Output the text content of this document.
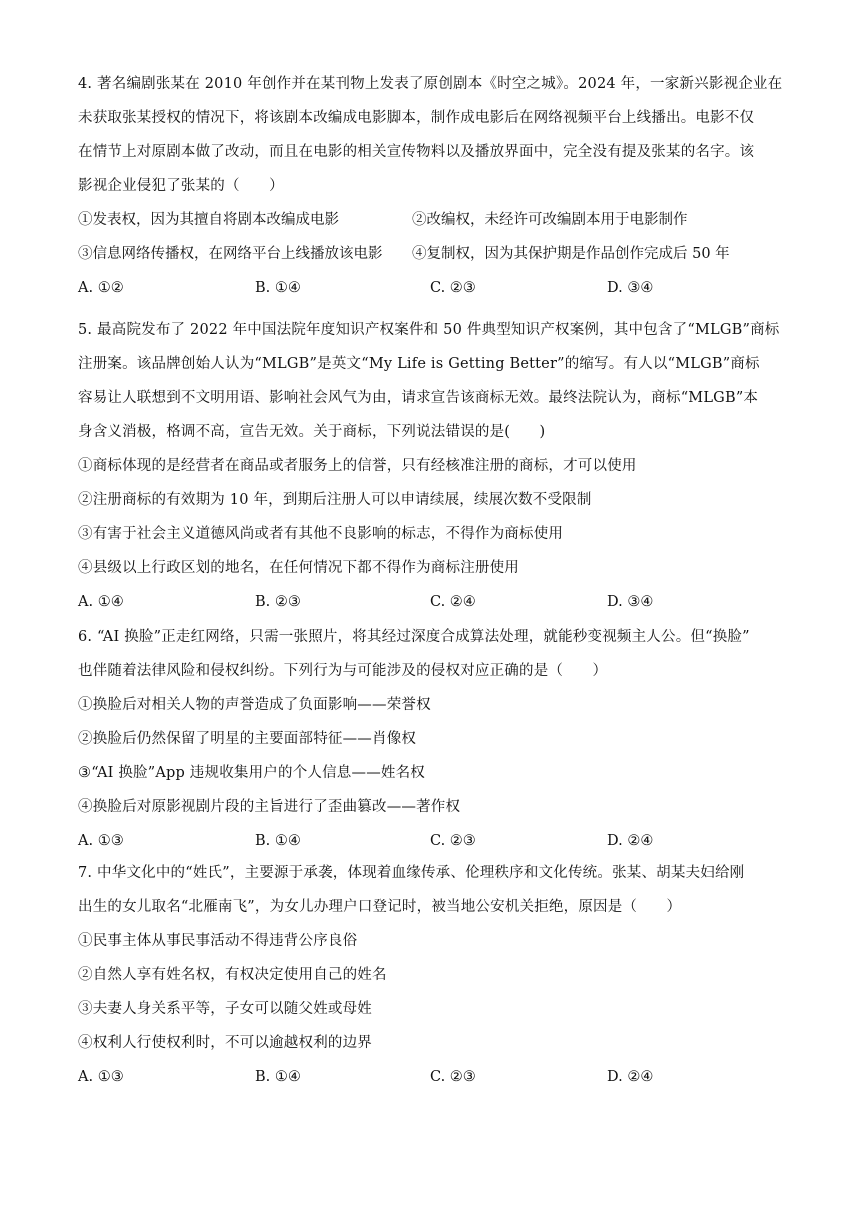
4. 著名编剧张某在 2010 年创作并在某刊物上发表了原创剧本《时空之城》。2024 年，一家新兴影视企业在
未获取张某授权的情况下，将该剧本改编成电影脚本，制作成电影后在网络视频平台上线播出。电影不仅
在情节上对原剧本做了改动，而且在电影的相关宣传物料以及播放界面中，完全没有提及张某的名字。该
影视企业侵犯了张某的（　　）
①发表权，因为其擅自将剧本改编成电影	②改编权，未经许可改编剧本用于电影制作
③信息网络传播权，在网络平台上线播放该电影 ④复制权，因为其保护期是作品创作完成后 50 年
A. ①②	B. ①④	C. ②③	D. ③④
5. 最高院发布了 2022 年中国法院年度知识产权案件和 50 件典型知识产权案例，其中包含了“MLGB”商标
注册案。该品牌创始人认为“MLGB”是英文“My Life is Getting Better”的缩写。有人以“MLGB”商标
容易让人联想到不文明用语、影响社会风气为由，请求宣告该商标无效。最终法院认为，商标“MLGB”本
身含义消极，格调不高，宣告无效。关于商标，下列说法错误的是(　　)
①商标体现的是经营者在商品或者服务上的信誉，只有经核准注册的商标，才可以使用
②注册商标的有效期为 10 年，到期后注册人可以申请续展，续展次数不受限制
③有害于社会主义道德风尚或者有其他不良影响的标志，不得作为商标使用
④县级以上行政区划的地名，在任何情况下都不得作为商标注册使用
A. ①④	B. ②③	C. ②④	D. ③④
6. “AI 换脸”正走红网络，只需一张照片，将其经过深度合成算法处理，就能秒变视频主人公。但“换脸”
也伴随着法律风险和侵权纠纷。下列行为与可能涉及的侵权对应正确的是（　　）
①换脸后对相关人物的声誉造成了负面影响——荣誉权
②换脸后仍然保留了明星的主要面部特征——肖像权
③“AI 换脸”App 违规收集用户的个人信息——姓名权
④换脸后对原影视剧片段的主旨进行了歪曲篡改——著作权
A. ①③	B. ①④	C. ②③	D. ②④
7. 中华文化中的“姓氏”，主要源于承袭，体现着血缘传承、伦理秩序和文化传统。张某、胡某夫妇给刚
出生的女儿取名“北雁南飞”，为女儿办理户口登记时，被当地公安机关拒绝，原因是（　　）
①民事主体从事民事活动不得违背公序良俗
②自然人享有姓名权，有权决定使用自己的姓名
③夫妻人身关系平等，子女可以随父姓或母姓
④权利人行使权利时，不可以逾越权利的边界
A. ①③	B. ①④	C. ②③	D. ②④
